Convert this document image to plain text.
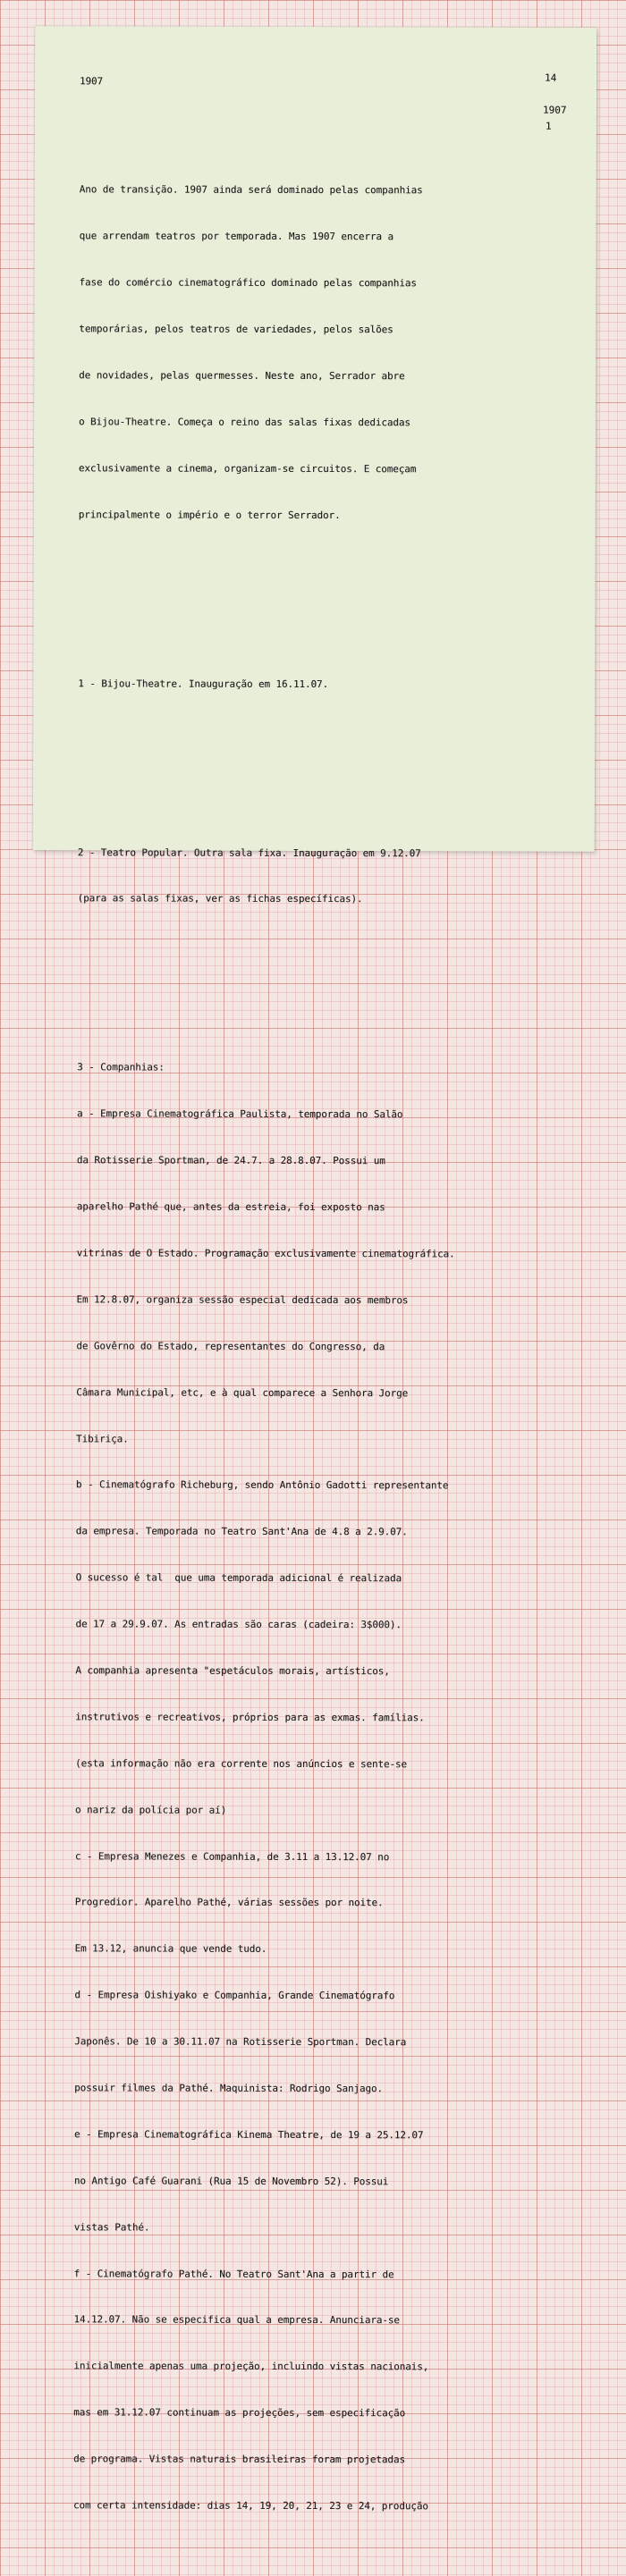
14
1907
1

1907

Ano de transição. 1907 ainda será dominado pelas companhias

que arrendam teatros por temporada. Mas 1907 encerra a

fase do comércio cinematográfico dominado pelas companhias

temporárias, pelos teatros de variedades, pelos salões

de novidades, pelas quermesses. Neste ano, Serrador abre

o Bijou-Theatre. Começa o reino das salas fixas dedicadas

exclusivamente a cinema, organizam-se circuitos. E começam

principalmente o império e o terror Serrador.

1 - Bijou-Theatre. Inauguração em 16.11.07.

2 - Teatro Popular. Outra sala fixa. Inauguração em 9.12.07

(para as salas fixas, ver as fichas específicas).

3 - Companhias:

a - Empresa Cinematográfica Paulista, temporada no Salão

da Rotisserie Sportman, de 24.7. a 28.8.07. Possui um

aparelho Pathé que, antes da estreia, foi exposto nas

vitrinas de O Estado. Programação exclusivamente cinematográfica.

Em 12.8.07, organiza sessão especial dedicada aos membros

de Govêrno do Estado, representantes do Congresso, da

Câmara Municipal, etc, e à qual comparece a Senhora Jorge

Tibiriça.

b - Cinematógrafo Richeburg, sendo Antônio Gadotti representante

da empresa. Temporada no Teatro Sant'Ana de 4.8 a 2.9.07.

O sucesso é tal  que uma temporada adicional é realizada

de 17 a 29.9.07. As entradas são caras (cadeira: 3$000).

A companhia apresenta "espetáculos morais, artísticos,

instrutivos e recreativos, próprios para as exmas. famílias.

(esta informação não era corrente nos anúncios e sente-se

o nariz da polícia por aí)

c - Empresa Menezes e Companhia, de 3.11 a 13.12.07 no

Progredior. Aparelho Pathé, várias sessões por noite.

Em 13.12, anuncia que vende tudo.

d - Empresa Oishiyako e Companhia, Grande Cinematógrafo

Japonês. De 10 a 30.11.07 na Rotisserie Sportman. Declara

possuir filmes da Pathé. Maquinista: Rodrigo Sanjago.

e - Empresa Cinematográfica Kinema Theatre, de 19 a 25.12.07

no Antigo Café Guarani (Rua 15 de Novembro 52). Possui

vistas Pathé.

f - Cinematógrafo Pathé. No Teatro Sant'Ana a partir de

14.12.07. Não se especifica qual a empresa. Anunciara-se

inicialmente apenas uma projeção, incluindo vistas nacionais,

mas em 31.12.07 continuam as projeções, sem especificação

de programa. Vistas naturais brasileiras foram projetadas

com certa intensidade: dias 14, 19, 20, 21, 23 e 24, produção
